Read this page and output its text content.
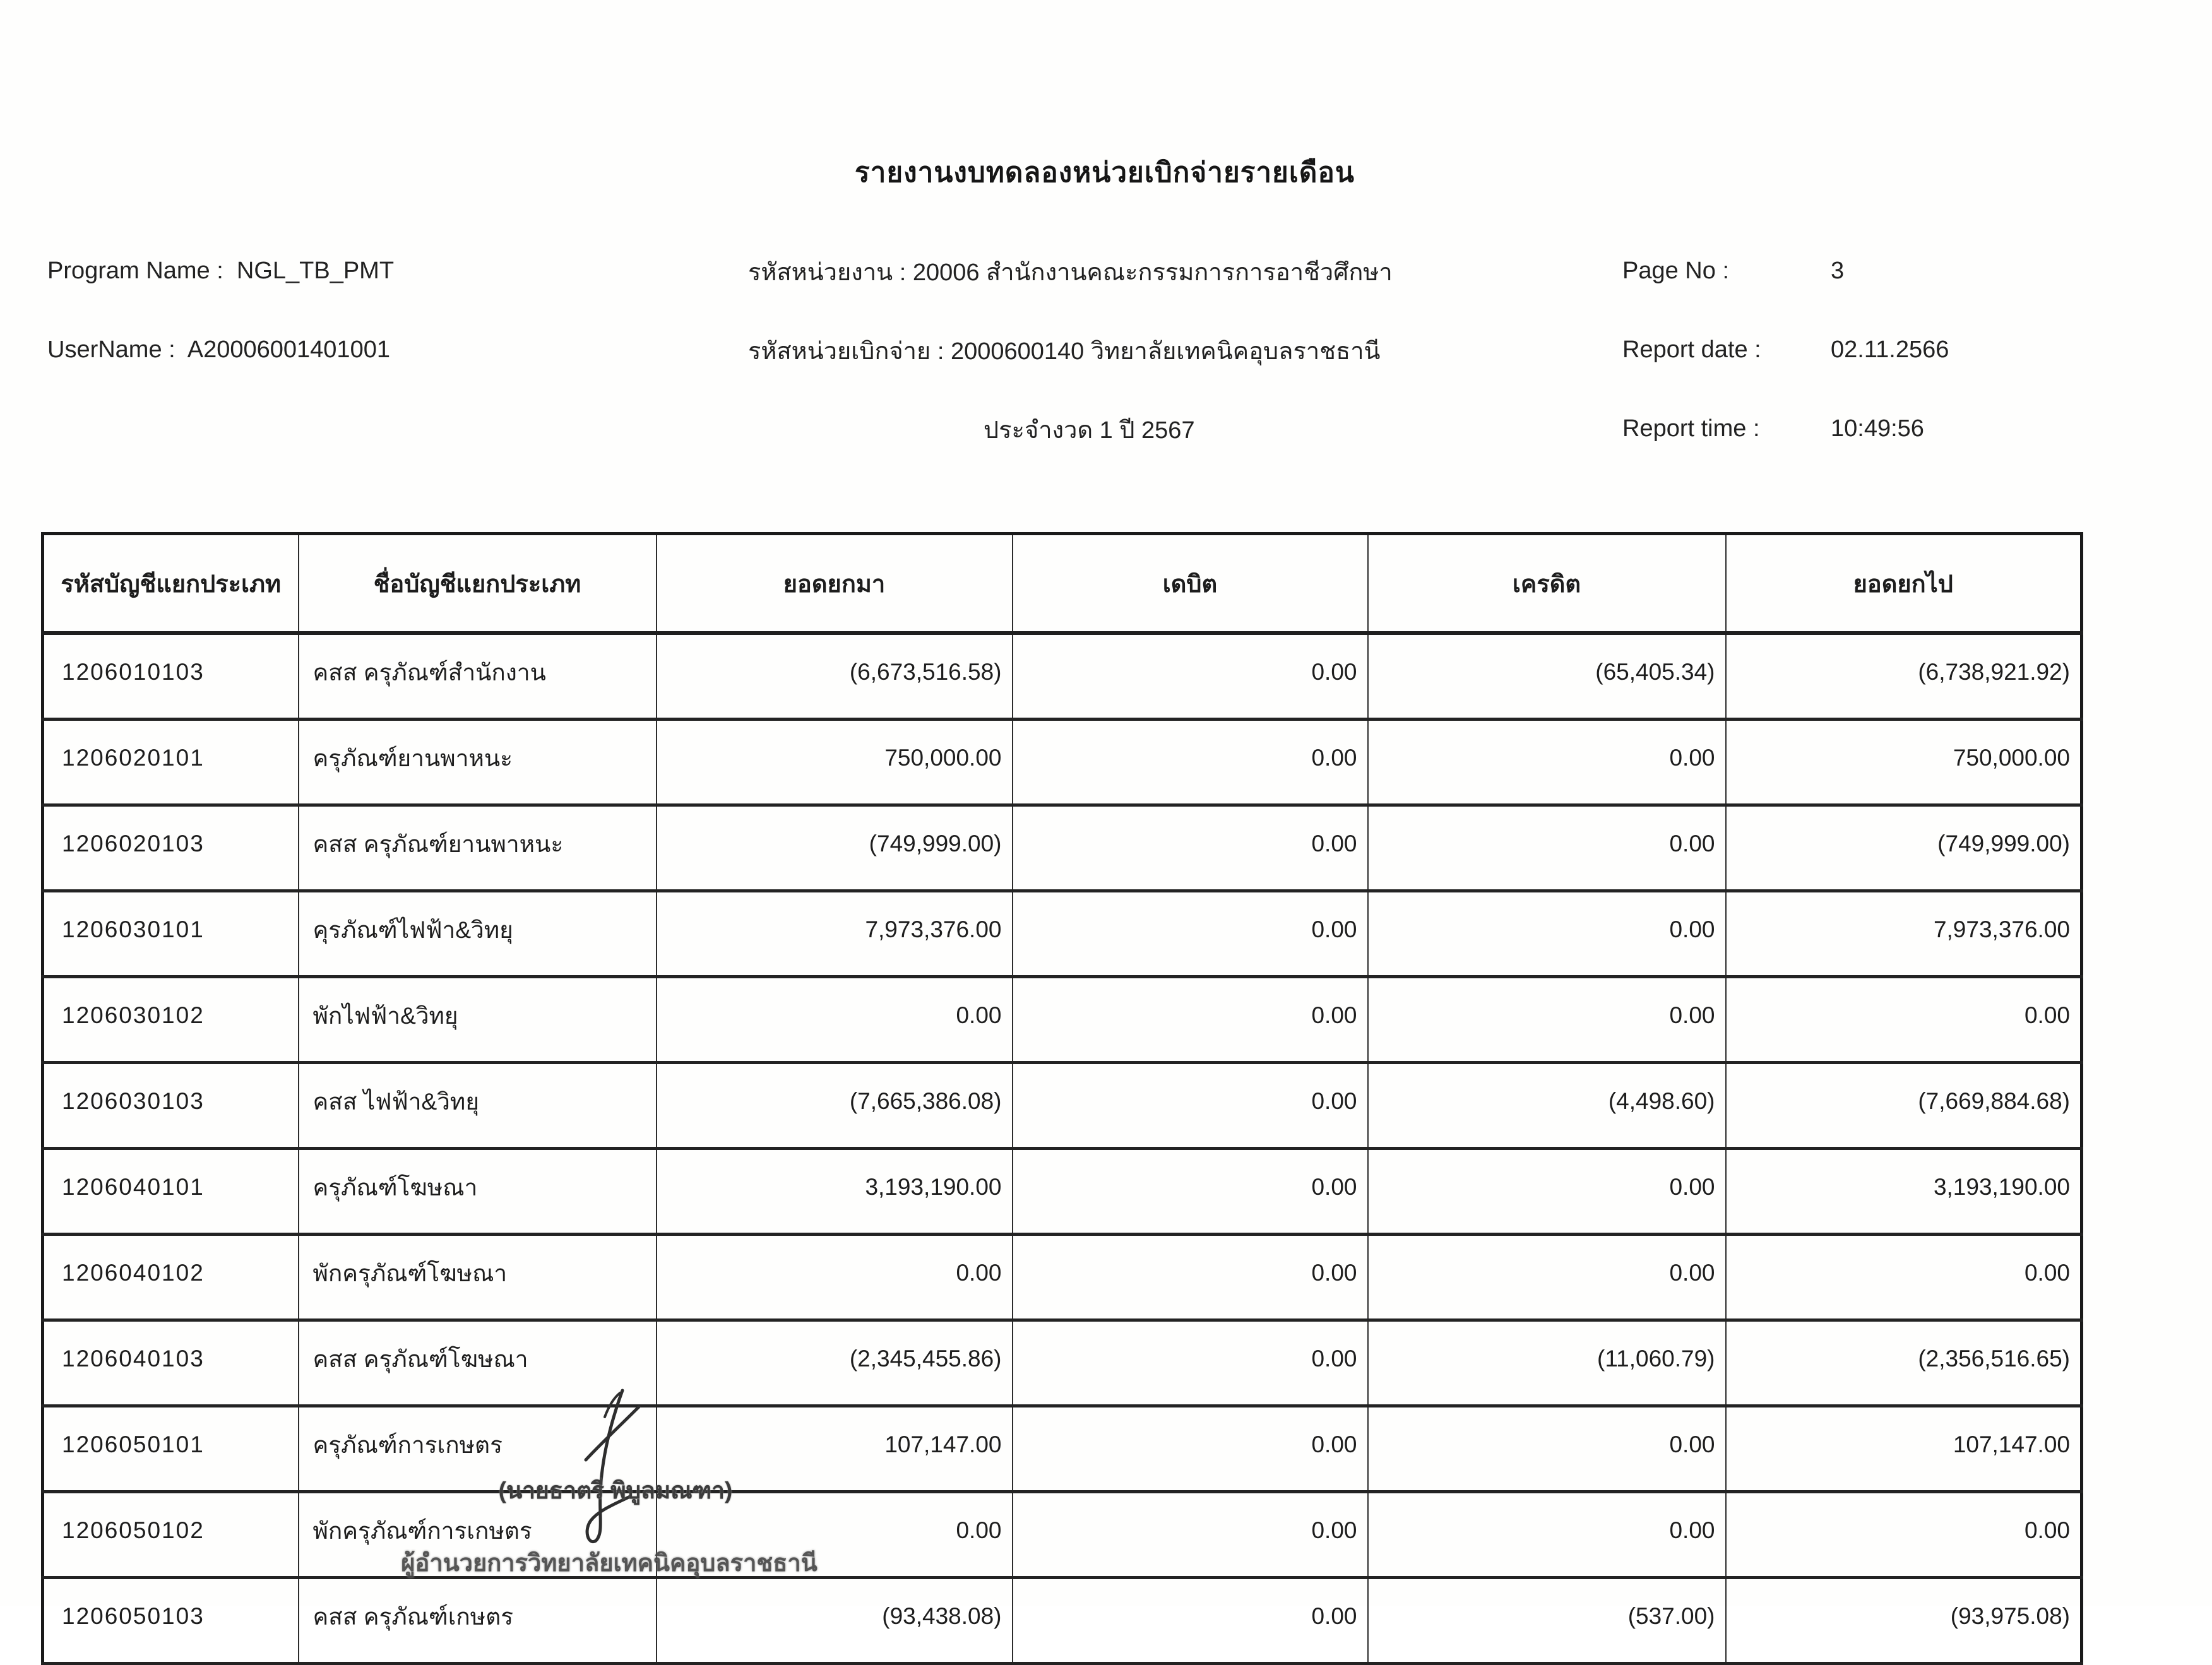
รายงานงบทดลองหน่วยเบิกจ่ายรายเดือน
Program Name : NGL_TB_PMT
UserName : A20006001401001
รหัสหน่วยงาน : 20006 สำนักงานคณะกรรมการการอาชีวศึกษา
รหัสหน่วยเบิกจ่าย : 2000600140 วิทยาลัยเทคนิคอุบลราชธานี
ประจำงวด 1 ปี 2567
Page No :	3
Report date :	02.11.2566
Report time :	10:49:56
รหัสบัญชีแยกประเภท	ชื่อบัญชีแยกประเภท	ยอดยกมา	เดบิต	เครดิต	ยอดยกไป
1206010103	คสส ครุภัณฑ์สำนักงาน	(6,673,516.58)	0.00	(65,405.34)	(6,738,921.92)
1206020101	ครุภัณฑ์ยานพาหนะ	750,000.00	0.00	0.00	750,000.00
1206020103	คสส ครุภัณฑ์ยานพาหนะ	(749,999.00)	0.00	0.00	(749,999.00)
1206030101	คุรภัณฑ์ไฟฟ้า&วิทยุ	7,973,376.00	0.00	0.00	7,973,376.00
1206030102	พักไฟฟ้า&วิทยุ	0.00	0.00	0.00	0.00
1206030103	คสส ไฟฟ้า&วิทยุ	(7,665,386.08)	0.00	(4,498.60)	(7,669,884.68)
1206040101	ครุภัณฑ์โฆษณา	3,193,190.00	0.00	0.00	3,193,190.00
1206040102	พักครุภัณฑ์โฆษณา	0.00	0.00	0.00	0.00
1206040103	คสส ครุภัณฑ์โฆษณา	(2,345,455.86)	0.00	(11,060.79)	(2,356,516.65)
1206050101	ครุภัณฑ์การเกษตร	107,147.00	0.00	0.00	107,147.00
1206050102	พักครุภัณฑ์การเกษตร	0.00	0.00	0.00	0.00
1206050103	คสส ครุภัณฑ์เกษตร	(93,438.08)	0.00	(537.00)	(93,975.08)
(นายธาตรี พิบูลมณฑา)
ผู้อำนวยการวิทยาลัยเทคนิคอุบลราชธานี
